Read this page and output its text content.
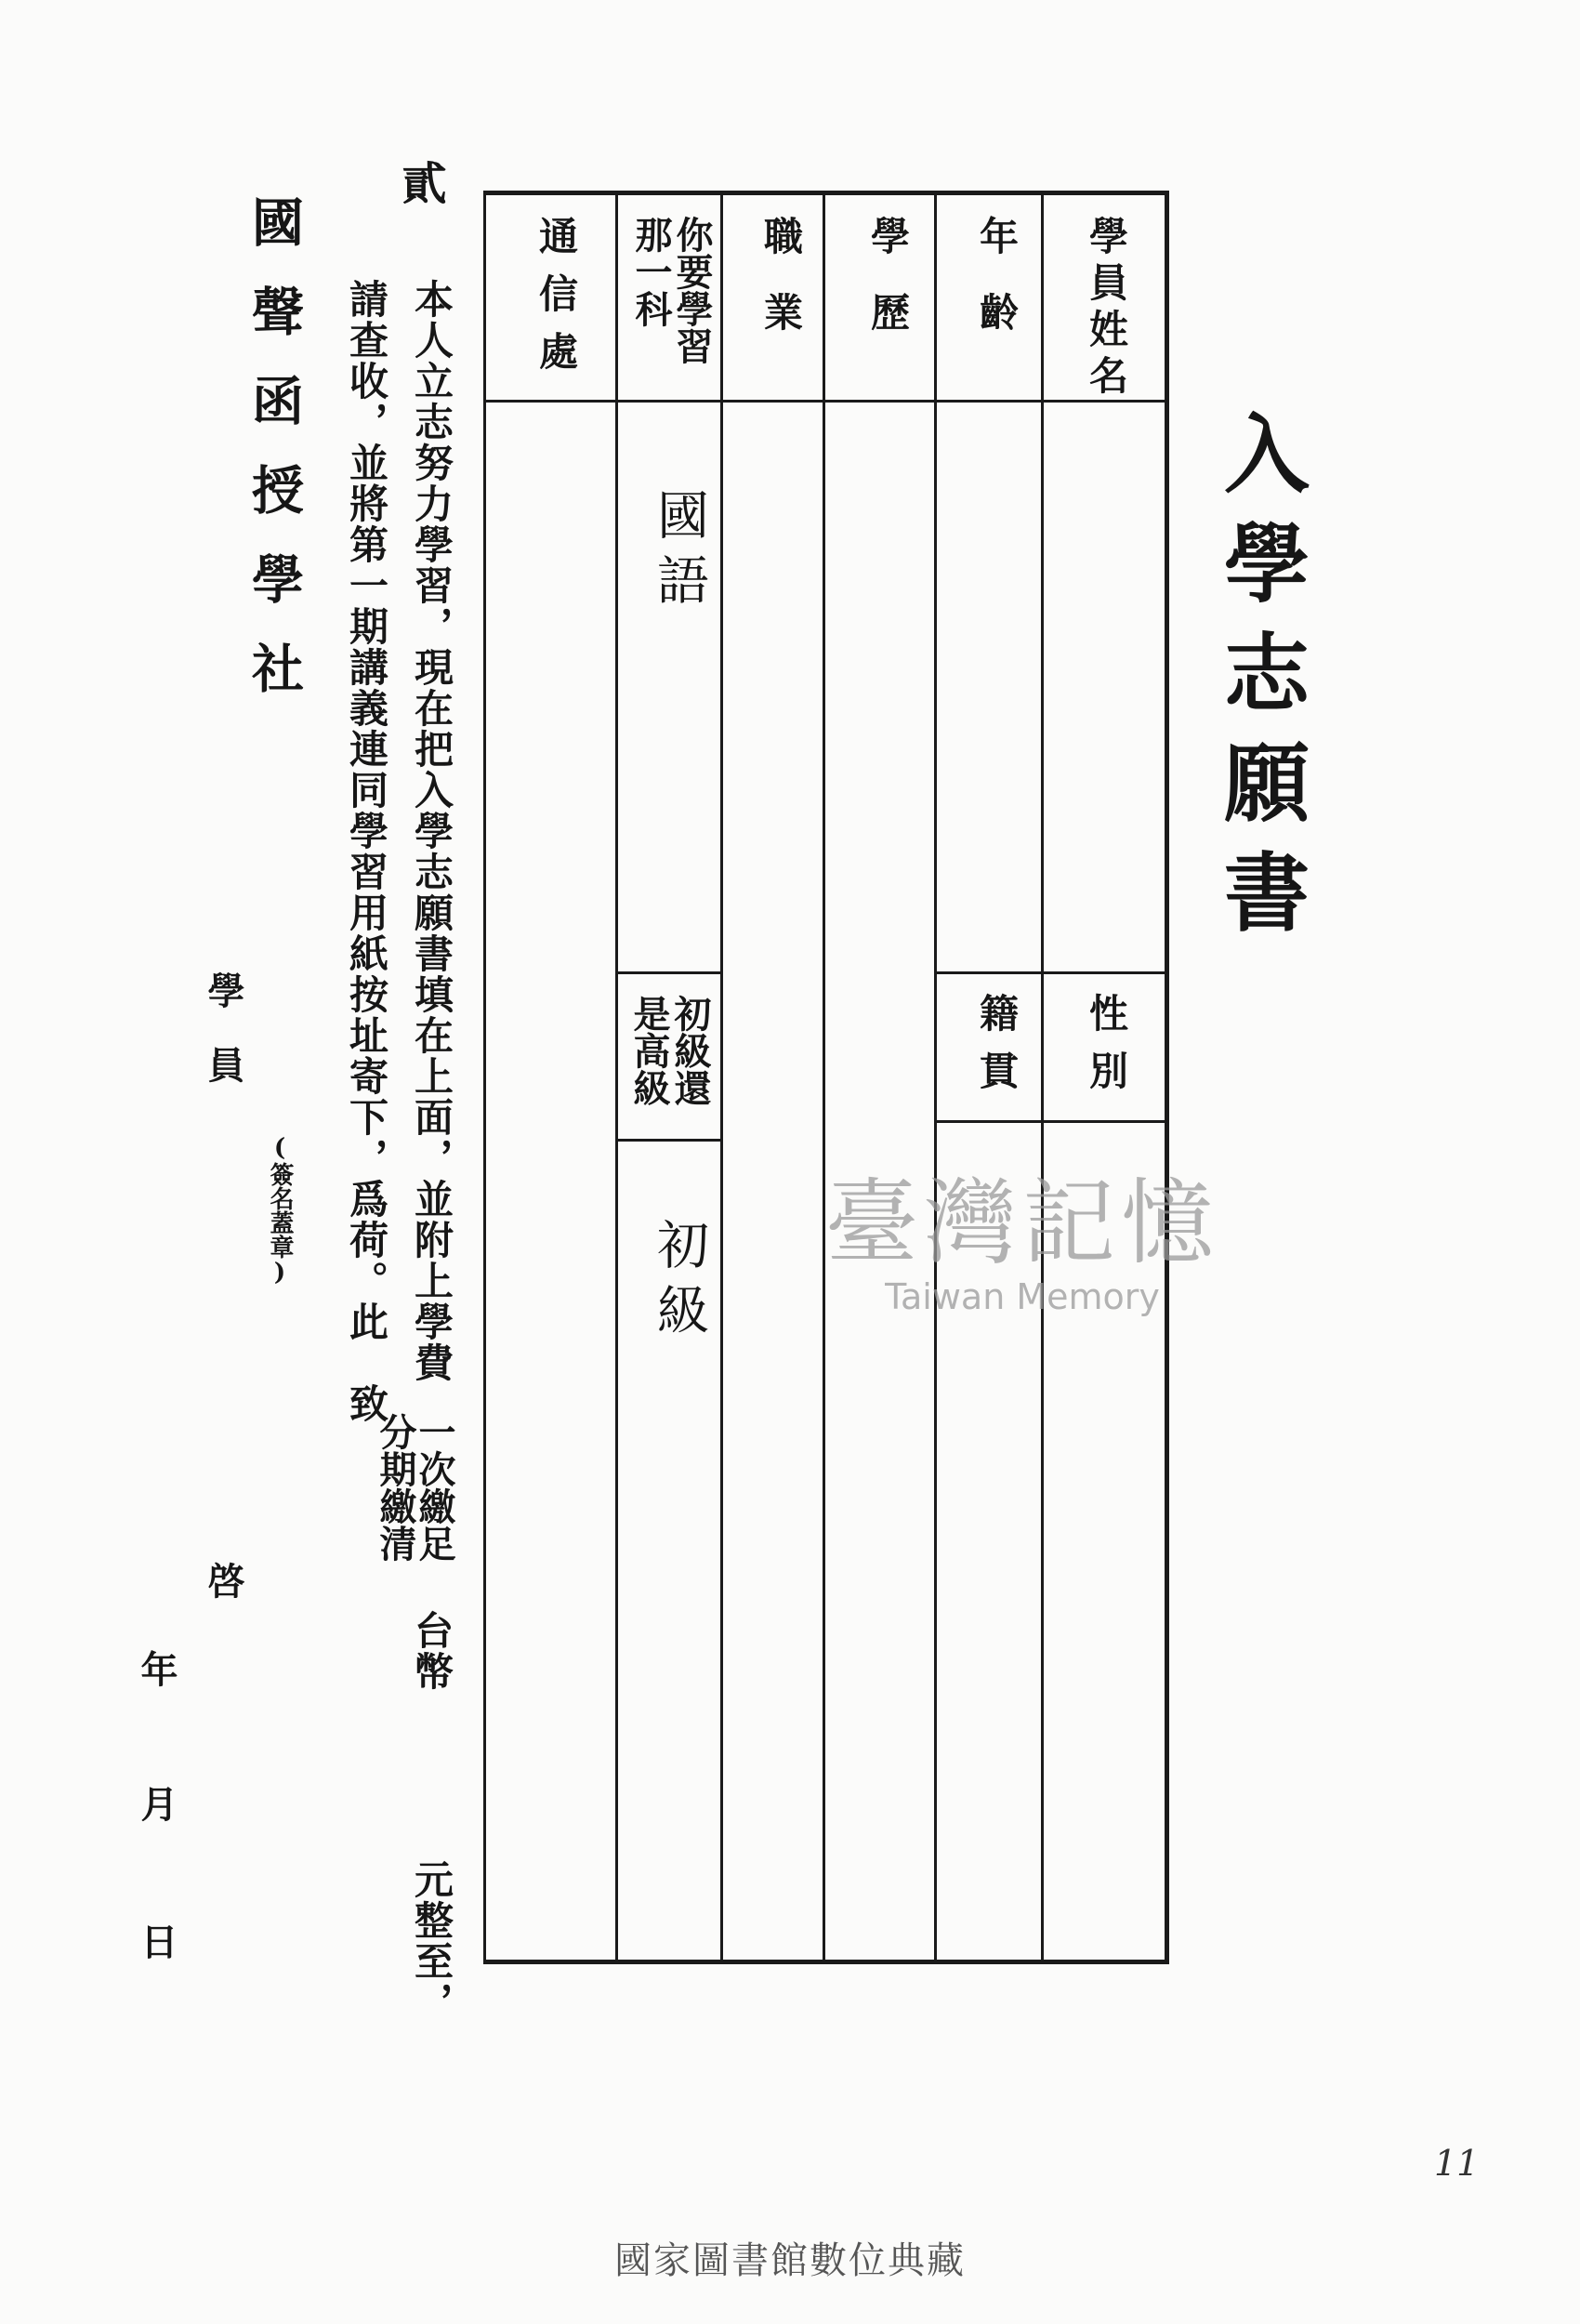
入學志願書
學員姓名
年齡
學歷
職業
你要學習
那一科
通信處
性別
籍貫
初級還
是高級
國語
初級
貳
本人立志努力學習，現在把入學志願書填在上面，並附上學費
一次繳足
分期繳清
台幣
元整至，
請查收，並將第一期講義連同學習用紙按址寄下，爲荷。此　致
國聲函授學社
學員
(簽名蓋章)
啓
年
月
日
臺灣記憶
Taiwan Memory
11
國家圖書館數位典藏
